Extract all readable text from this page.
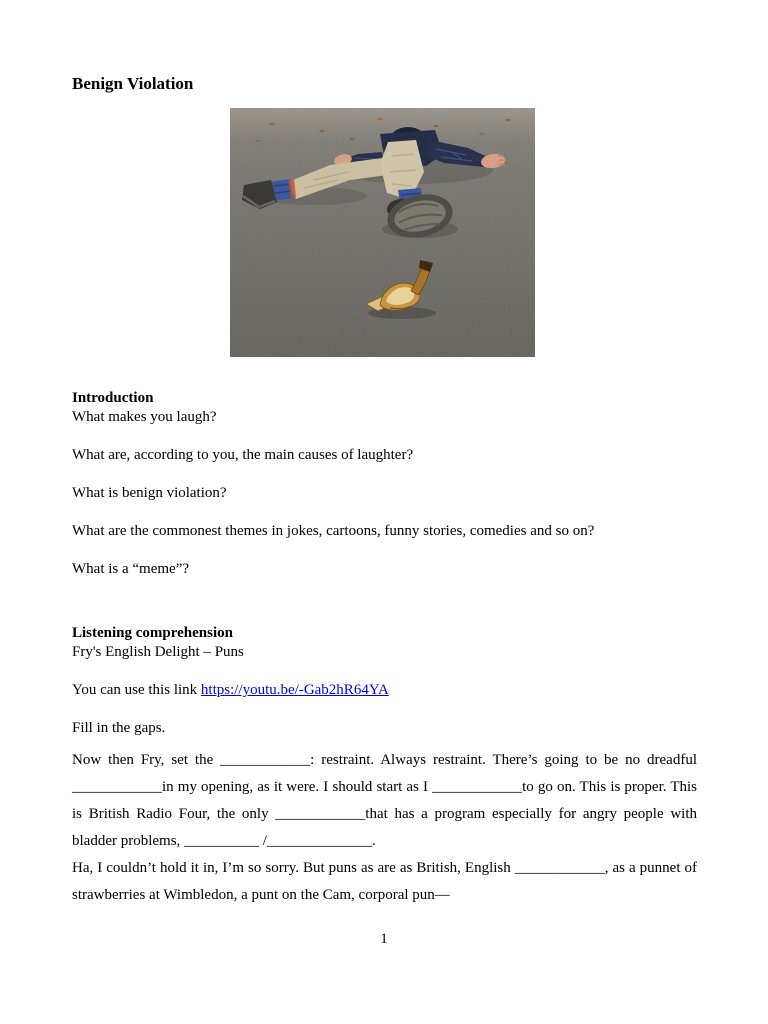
Benign Violation
Introduction
What makes you laugh?
What are, according to you, the main causes of laughter?
What is benign violation?
What are the commonest themes in jokes, cartoons, funny stories, comedies and so on?
What is a “meme”?
Listening comprehension
Fry's English Delight – Puns
You can use this link https://youtu.be/-Gab2hR64YA
Fill in the gaps.
Now then Fry, set the ____________: restraint. Always restraint. There’s going to be no dreadful
____________in my opening, as it were. I should start as I ____________to go on. This is proper. This
is British Radio Four, the only ____________that has a program especially for angry people with
bladder problems, __________ /______________.
Ha, I couldn’t hold it in, I’m so sorry. But puns as are as British, English ____________, as a punnet of
strawberries at Wimbledon, a punt on the Cam, corporal pun—
1
